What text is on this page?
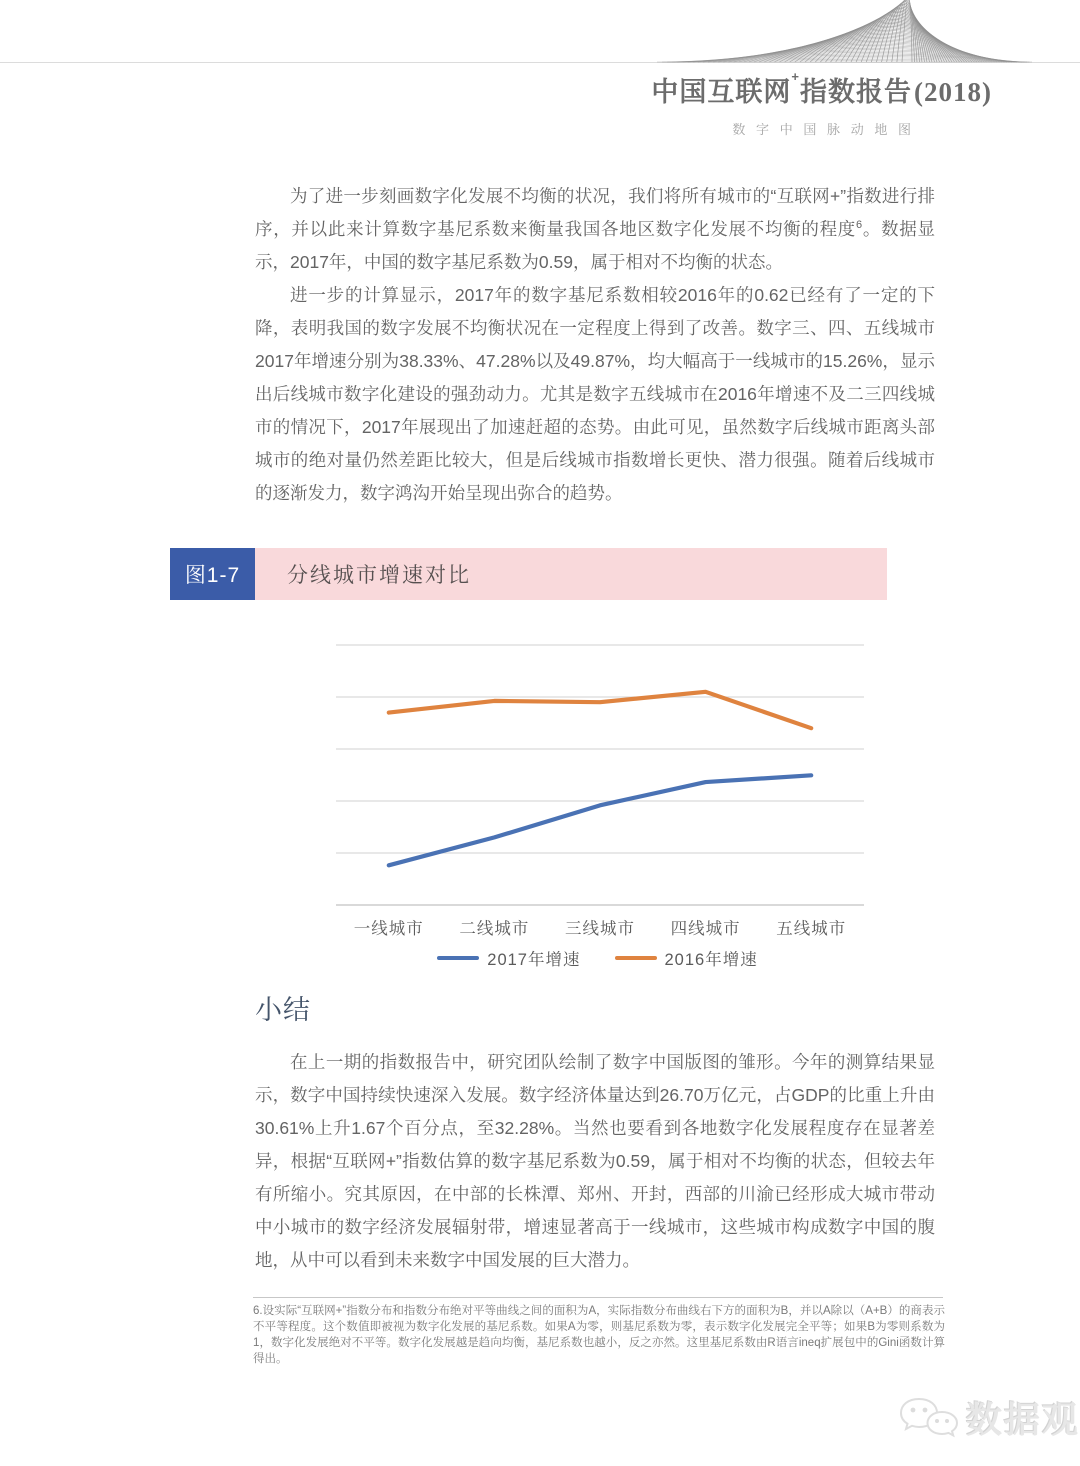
中国互联网+指数报告(2018)
数字中国脉动地图

为了进一步刻画数字化发展不均衡的状况，我们将所有城市的“互联网+”指数进行排序，并以此来计算数字基尼系数来衡量我国各地区数字化发展不均衡的程度$^6$。数据显示，2017年，中国的数字基尼系数为0.59，属于相对不均衡的状态。

进一步的计算显示，2017年的数字基尼系数相较2016年的0.62已经有了一定的下降，表明我国的数字发展不均衡状况在一定程度上得到了改善。数字三、四、五线城市2017年增速分别为38.33%、47.28%以及49.87%，均大幅高于一线城市的15.26%，显示出后线城市数字化建设的强劲动力。尤其是数字五线城市在2016年增速不及二三四线城市的情况下，2017年展现出了加速赶超的态势。由此可见，虽然数字后线城市距离头部城市的绝对量仍然差距比较大，但是后线城市指数增长更快、潜力很强。随着后线城市的逐渐发力，数字鸿沟开始呈现出弥合的趋势。

图1-7	分线城市增速对比
一线城市	二线城市	三线城市	四线城市	五线城市
2017年增速	2016年增速
小结

在上一期的指数报告中，研究团队绘制了数字中国版图的雏形。今年的测算结果显示，数字中国持续快速深入发展。数字经济体量达到26.70万亿元，占GDP的比重上升由30.61%上升1.67个百分点，至32.28%。当然也要看到各地数字化发展程度存在显著差异，根据“互联网+”指数估算的数字基尼系数为0.59，属于相对不均衡的状态，但较去年有所缩小。究其原因，在中部的长株潭、郑州、开封，西部的川渝已经形成大城市带动中小城市的数字经济发展辐射带，增速显著高于一线城市，这些城市构成数字中国的腹地，从中可以看到未来数字中国发展的巨大潜力。

6.设实际“互联网+”指数分布和指数分布绝对平等曲线之间的面积为A，实际指数分布曲线右下方的面积为B，并以A除以（A+B）的商表示不平等程度。这个数值即被视为数字化发展的基尼系数。如果A为零，则基尼系数为零，表示数字化发展完全平等；如果B为零则系数为1，数字化发展绝对不平等。数字化发展越是趋向均衡，基尼系数也越小，反之亦然。这里基尼系数由R语言ineq扩展包中的Gini函数计算得出。

数据观
